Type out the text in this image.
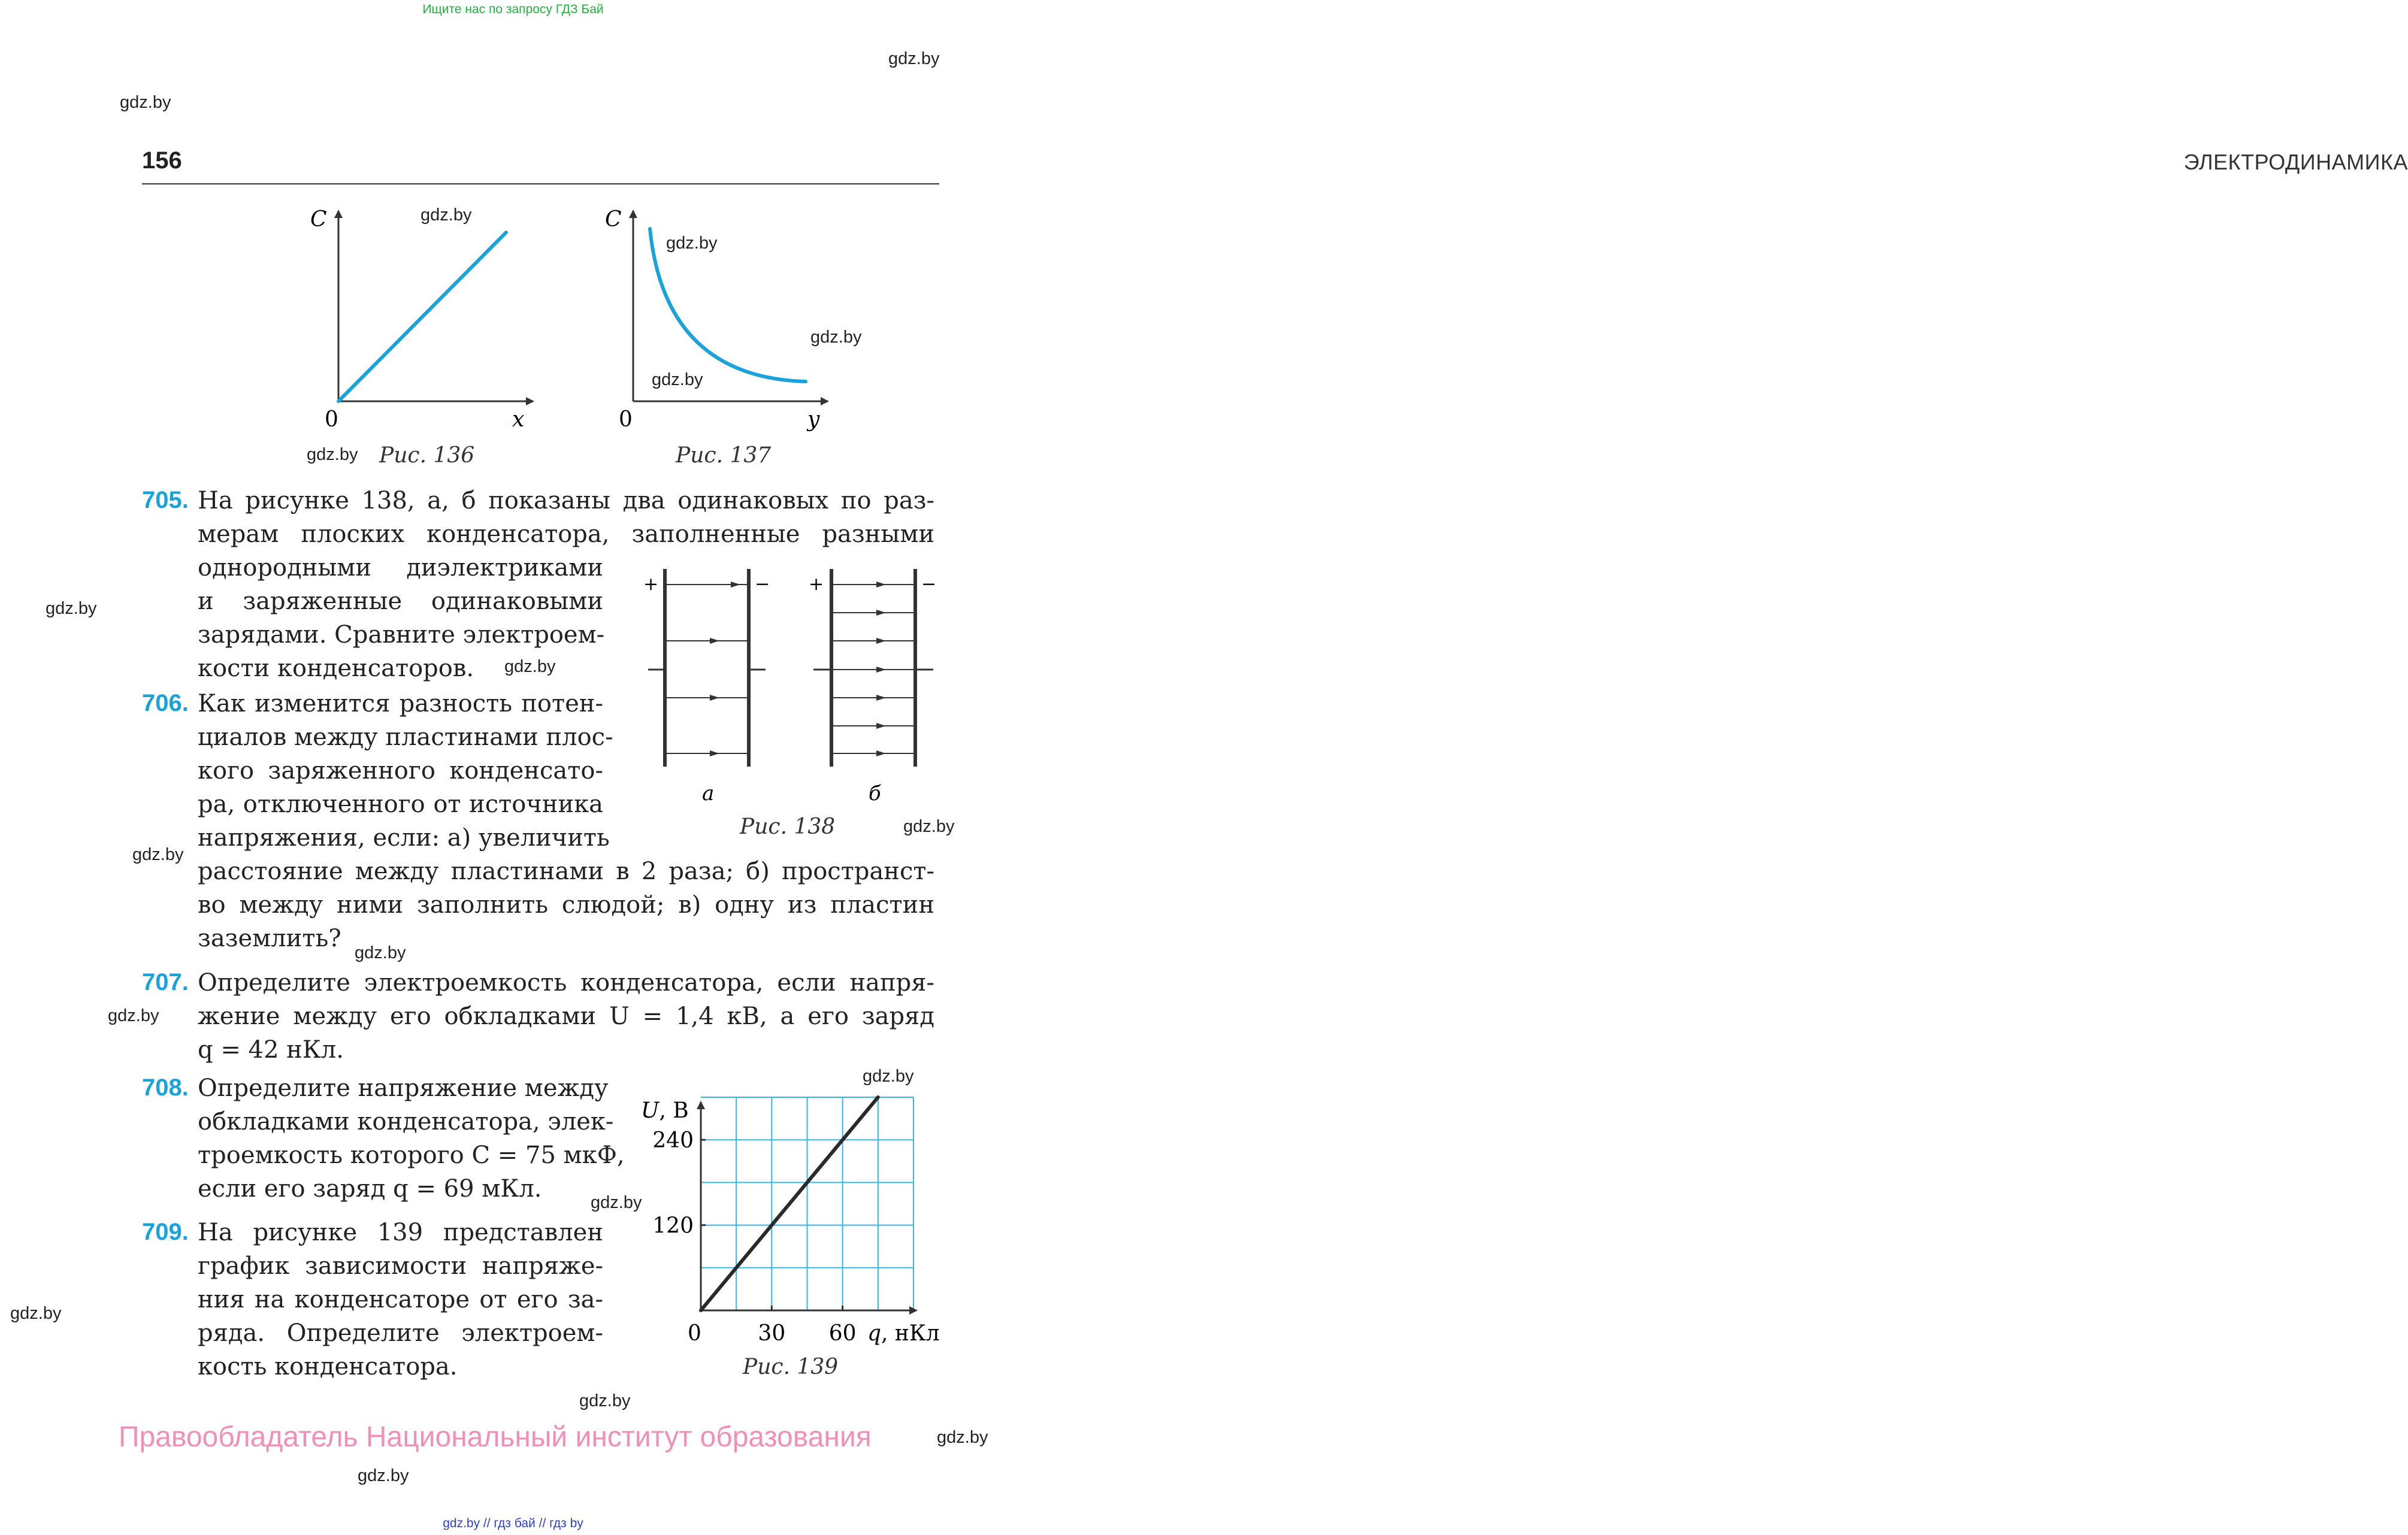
Ищите нас по запросу ГДЗ Бай
gdz.by
gdz.by
gdz.by
gdz.by
gdz.by
gdz.by
gdz.by
gdz.by
gdz.by
gdz.by
gdz.by
gdz.by
gdz.by
gdz.by
gdz.by
gdz.by
gdz.by
gdz.by
gdz.by
156	ЭЛЕКТРОДИНАМИКА
C
0	x
Рис. 136
C
0	y
Рис. 137
705. На рисунке 138, а, б показаны два одинаковых по раз-
мерам плоских конденсатора, заполненные разными
однородными диэлектриками
и заряженные одинаковыми
зарядами. Сравните электроем-
кости конденсаторов.
+	−
а
+	−
б
Рис. 138
706. Как изменится разность потен-
циалов между пластинами плос-
кого заряженного конденсато-
ра, отключенного от источника
напряжения, если: а) увеличить
расстояние между пластинами в 2 раза; б) пространст-
во между ними заполнить слюдой; в) одну из пластин
заземлить?
707. Определите электроемкость конденсатора, если напря-
жение между его обкладками U = 1,4 кВ, а его заряд
q = 42 нКл.
708. Определите напряжение между
обкладками конденсатора, элек-
троемкость которого C = 75 мкФ,
если его заряд q = 69 мКл.
709. На рисунке 139 представлен
график зависимости напряже-
ния на конденсаторе от его за-
ряда. Определите электроем-
кость конденсатора.
30 60
120
240
U, В
0	q, нКл
Рис. 139
Правообладатель Национальный институт образования
gdz.by // гдз бай // гдз by
